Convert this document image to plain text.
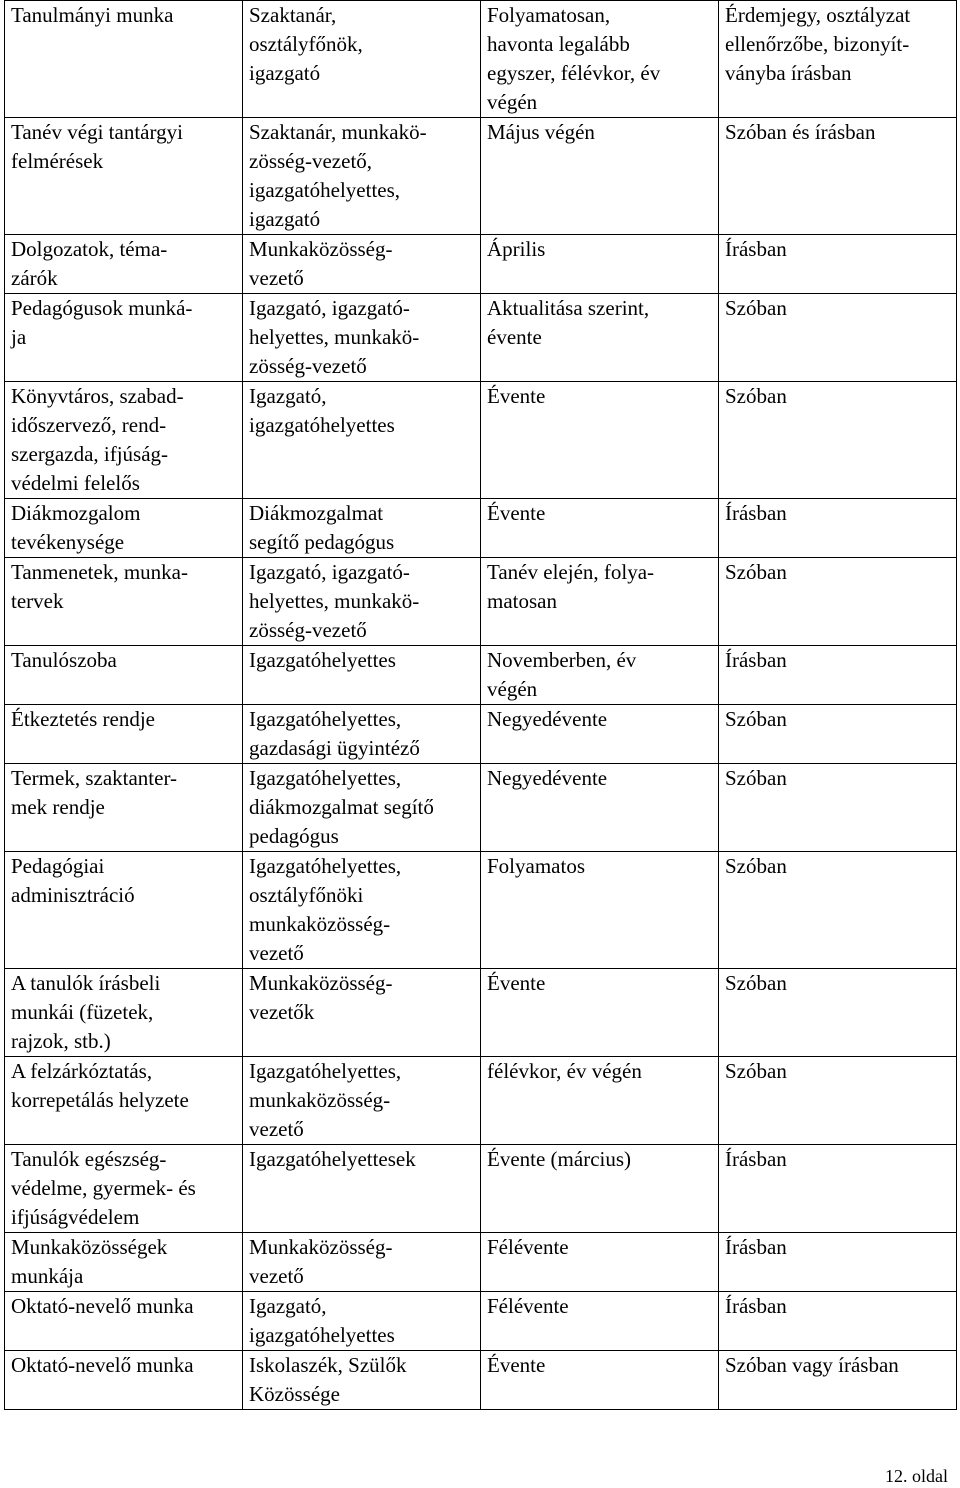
Tanulmányi munka	Szaktanár,
osztályfőnök,
igazgató	Folyamatosan,
havonta legalább
egyszer, félévkor, év
végén	Érdemjegy, osztályzat
ellenőrzőbe, bizonyít-
ványba írásban
Tanév végi tantárgyi
felmérések	Szaktanár, munkakö-
zösség-vezető,
igazgatóhelyettes,
igazgató	Május végén	Szóban és írásban
Dolgozatok, téma-
zárók	Munkaközösség-
vezető	Április	Írásban
Pedagógusok munká-
ja	Igazgató, igazgató-
helyettes, munkakö-
zösség-vezető	Aktualitása szerint,
évente	Szóban
Könyvtáros, szabad-
időszervező, rend-
szergazda, ifjúság-
védelmi felelős	Igazgató,
igazgatóhelyettes	Évente	Szóban
Diákmozgalom
tevékenysége	Diákmozgalmat
segítő pedagógus	Évente	Írásban
Tanmenetek, munka-
tervek	Igazgató, igazgató-
helyettes, munkakö-
zösség-vezető	Tanév elején, folya-
matosan	Szóban
Tanulószoba	Igazgatóhelyettes	Novemberben, év
végén	Írásban
Étkeztetés rendje	Igazgatóhelyettes,
gazdasági ügyintéző	Negyedévente	Szóban
Termek, szaktanter-
mek rendje	Igazgatóhelyettes,
diákmozgalmat segítő
pedagógus	Negyedévente	Szóban
Pedagógiai
adminisztráció	Igazgatóhelyettes,
osztályfőnöki
munkaközösség-
vezető	Folyamatos	Szóban
A tanulók írásbeli
munkái (füzetek,
rajzok, stb.)	Munkaközösség-
vezetők	Évente	Szóban
A felzárkóztatás,
korrepetálás helyzete	Igazgatóhelyettes,
munkaközösség-
vezető	félévkor, év végén	Szóban
Tanulók egészség-
védelme, gyermek- és
ifjúságvédelem	Igazgatóhelyettesek	Évente (március)	Írásban
Munkaközösségek
munkája	Munkaközösség-
vezető	Félévente	Írásban
Oktató-nevelő munka	Igazgató,
igazgatóhelyettes	Félévente	Írásban
Oktató-nevelő munka	Iskolaszék, Szülők
Közössége	Évente	Szóban vagy írásban
12. oldal
